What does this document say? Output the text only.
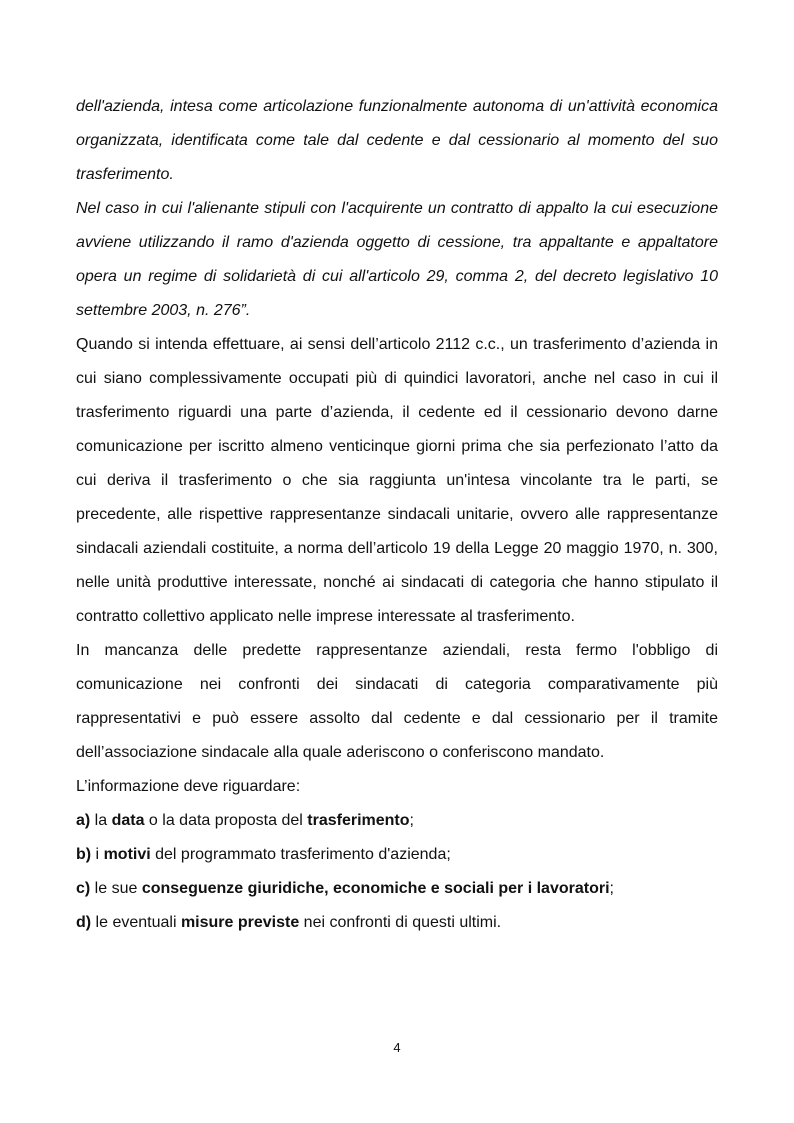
dell'azienda, intesa come articolazione funzionalmente autonoma di un'attività economica organizzata, identificata come tale dal cedente e dal cessionario al momento del suo trasferimento.

Nel caso in cui l'alienante stipuli con l'acquirente un contratto di appalto la cui esecuzione avviene utilizzando il ramo d'azienda oggetto di cessione, tra appaltante e appaltatore opera un regime di solidarietà di cui all'articolo 29, comma 2, del decreto legislativo 10 settembre 2003, n. 276”.

Quando si intenda effettuare, ai sensi dell’articolo 2112 c.c., un trasferimento d’azienda in cui siano complessivamente occupati più di quindici lavoratori, anche nel caso in cui il trasferimento riguardi una parte d’azienda, il cedente ed il cessionario devono darne comunicazione per iscritto almeno venticinque giorni prima che sia perfezionato l’atto da cui deriva il trasferimento o che sia raggiunta un'intesa vincolante tra le parti, se precedente, alle rispettive rappresentanze sindacali unitarie, ovvero alle rappresentanze sindacali aziendali costituite, a norma dell’articolo 19 della Legge 20 maggio 1970, n. 300, nelle unità produttive interessate, nonché ai sindacati di categoria che hanno stipulato il contratto collettivo applicato nelle imprese interessate al trasferimento.

In mancanza delle predette rappresentanze aziendali, resta fermo l'obbligo di comunicazione nei confronti dei sindacati di categoria comparativamente più rappresentativi e può essere assolto dal cedente e dal cessionario per il tramite dell’associazione sindacale alla quale aderiscono o conferiscono mandato.

L’informazione deve riguardare:

a) la data o la data proposta del trasferimento;

b) i motivi del programmato trasferimento d'azienda;

c) le sue conseguenze giuridiche, economiche e sociali per i lavoratori;

d) le eventuali misure previste nei confronti di questi ultimi.

4
